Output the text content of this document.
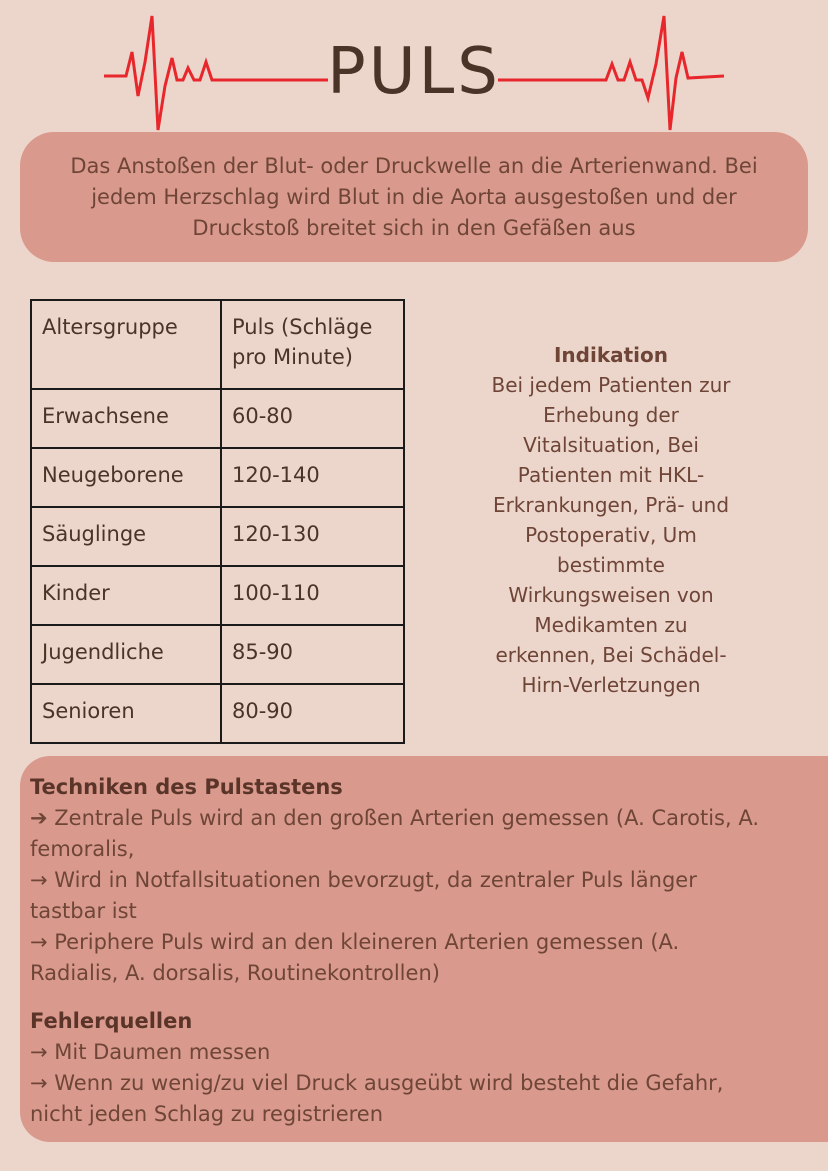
PULS
Das Anstoßen der Blut- oder Druckwelle an die Arterienwand. Bei
jedem Herzschlag wird Blut in die Aorta ausgestoßen und der
Druckstoß breitet sich in den Gefäßen aus
Altersgruppe	Puls (Schläge
pro Minute)

Erwachsene	60-80
Neugeborene	120-140
Säuglinge	120-130
Kinder	100-110
Jugendliche	85-90
Senioren	80-90
Indikation
Bei jedem Patienten zur
Erhebung der
Vitalsituation, Bei
Patienten mit HKL-
Erkrankungen, Prä- und
Postoperativ, Um
bestimmte
Wirkungsweisen von
Medikamten zu
erkennen, Bei Schädel-
Hirn-Verletzungen
Techniken des Pulstastens
➔ Zentrale Puls wird an den großen Arterien gemessen (A. Carotis, A.
femoralis,
→ Wird in Notfallsituationen bevorzugt, da zentraler Puls länger
tastbar ist
→ Periphere Puls wird an den kleineren Arterien gemessen (A.
Radialis, A. dorsalis, Routinekontrollen)
Fehlerquellen
→ Mit Daumen messen
→ Wenn zu wenig/zu viel Druck ausgeübt wird besteht die Gefahr,
nicht jeden Schlag zu registrieren
